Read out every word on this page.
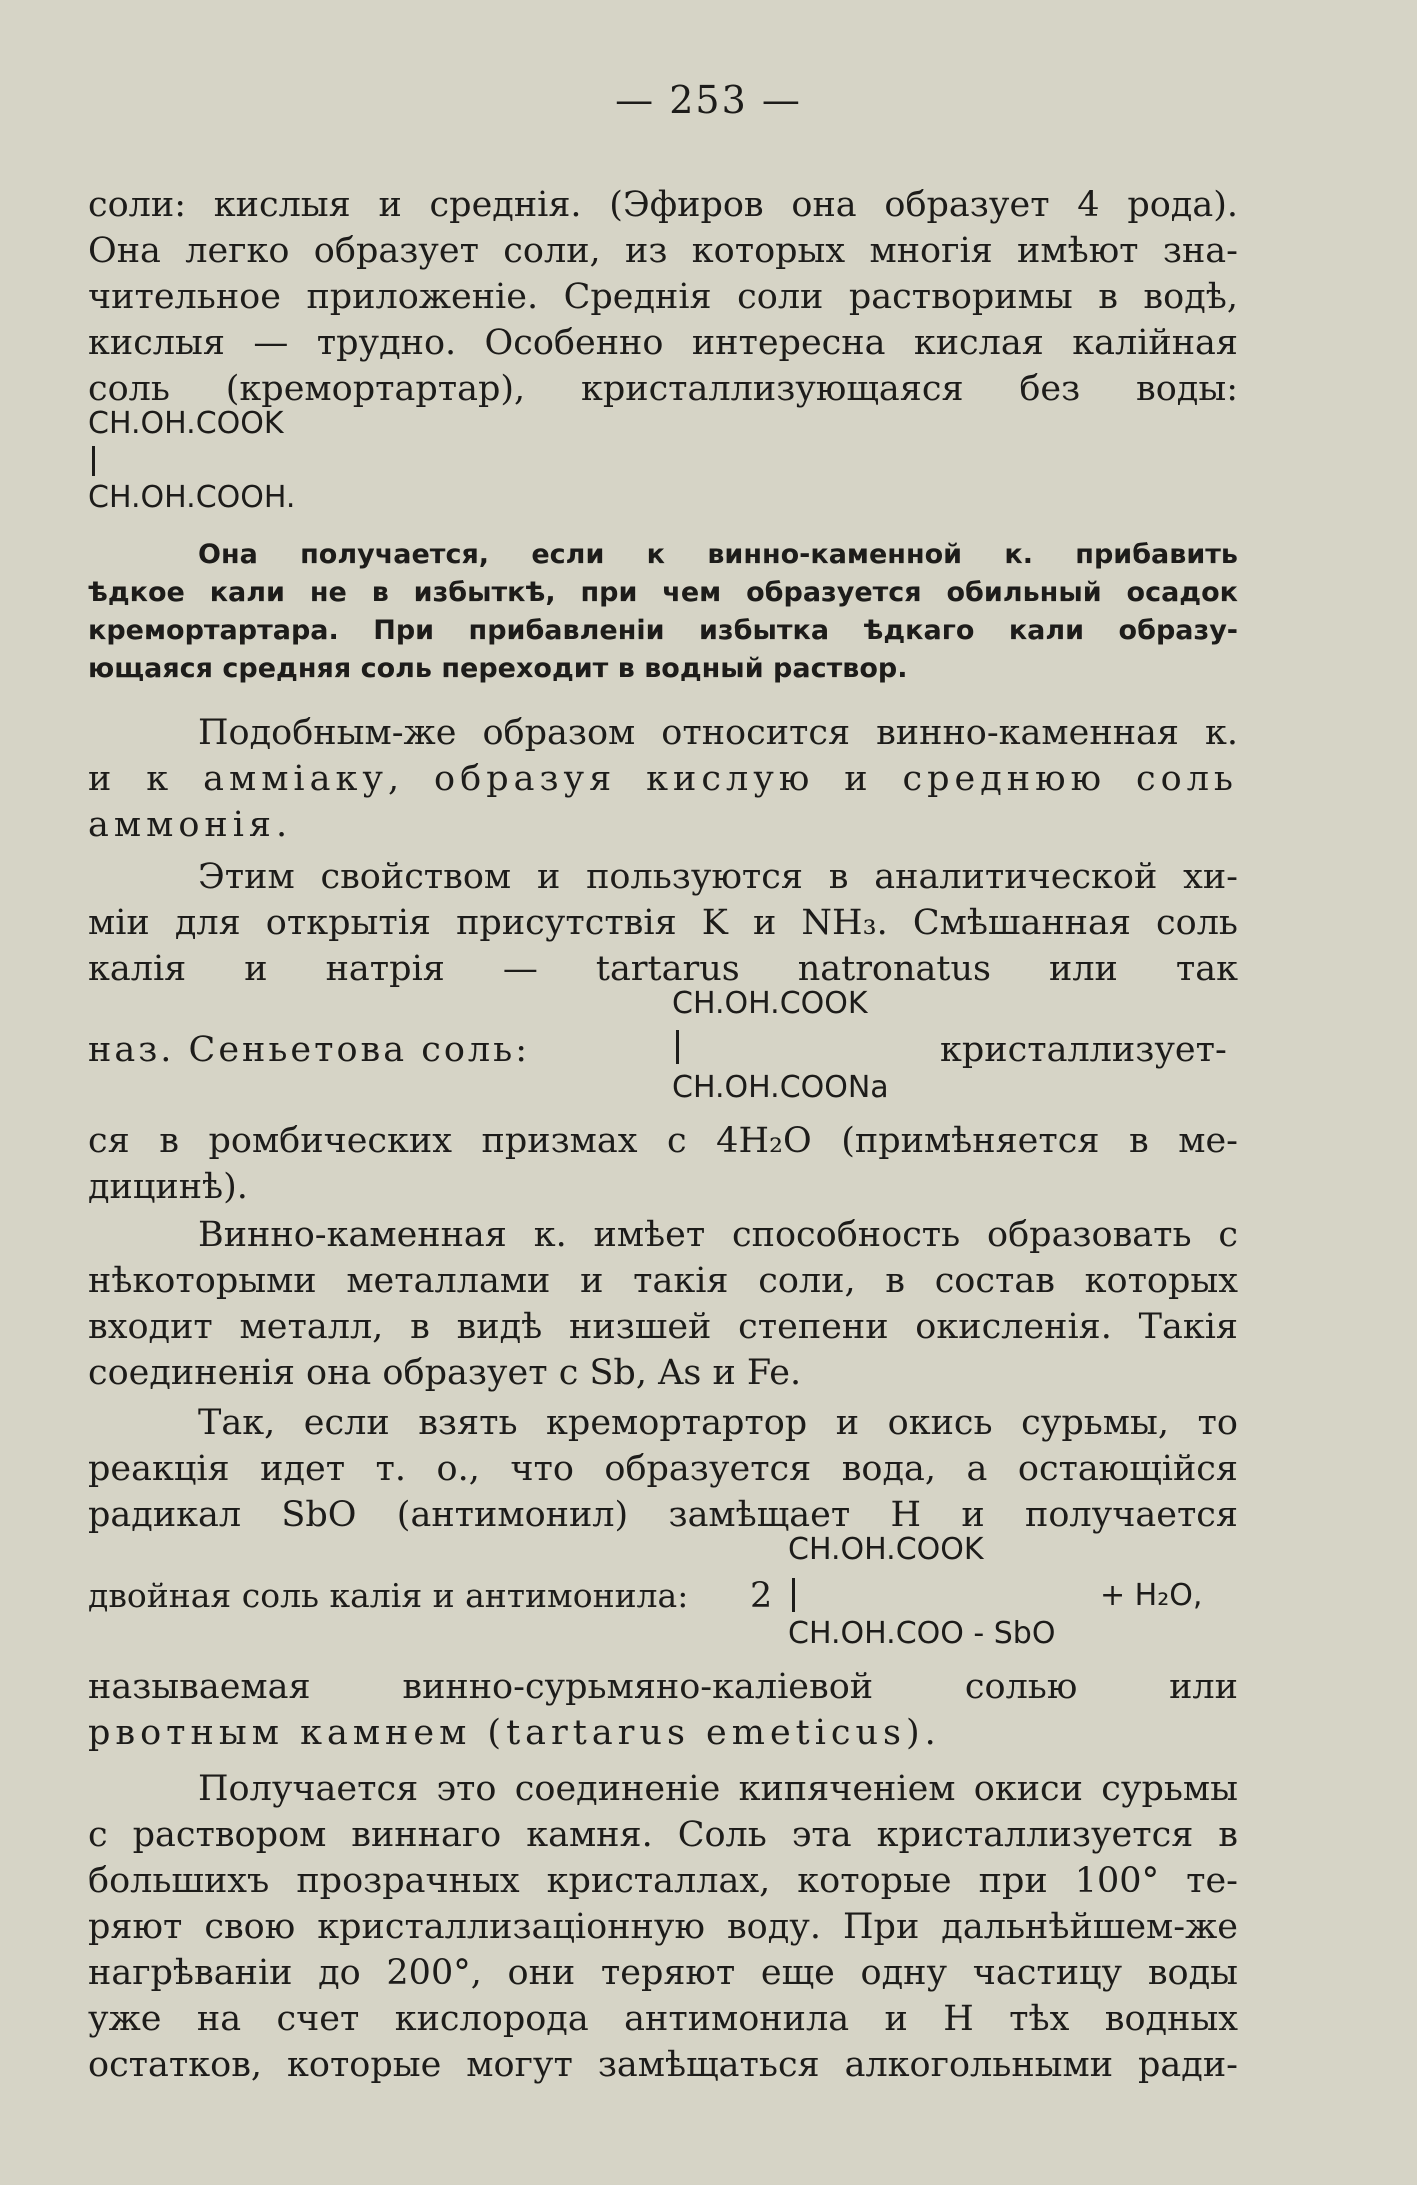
— 253 —
соли: кислыя и среднія. (Эфиров она образует 4 рода).
Она легко образует соли, из которых многія имѣют зна-
чительное приложеніе. Среднія соли растворимы в водѣ,
кислыя — трудно. Особенно интересна кислая калійная
соль (кремортартар), кристаллизующаяся без воды:
CH.OH.COOK
CH.OH.COOH.
Она получается, если к винно-каменной к. прибавить
ѣдкое кали не в избыткѣ, при чем образуется обильный осадок
кремортартара. При прибавленіи избытка ѣдкаго кали образу-
ющаяся средняя соль переходит в водный раствор.
Подобным-же образом относится винно-каменная к.
и к амміаку, образуя кислую и среднюю соль
аммонія.
Этим свойством и пользуются в аналитической хи-
міи для открытія присутствія K и NH₃. Смѣшанная соль
калія и натрія — tartarus natronatus или так
CH.OH.COOK
наз. Сеньетова соль:	кристаллизует-
CH.OH.COONa
ся в ромбических призмах с 4H₂O (примѣняется в ме-
дицинѣ).
Винно-каменная к. имѣет способность образовать с
нѣкоторыми металлами и такія соли, в состав которых
входит металл, в видѣ низшей степени окисленія. Такія
соединенія она образует с Sb, As и Fe.
Так, если взять кремортартор и окись сурьмы, то
реакція идет т. о., что образуется вода, а остающійся
радикал SbO (антимонил) замѣщает H и получается
CH.OH.COOK
двойная соль калія и антимонила: 2	+ H₂O,
CH.OH.COO - SbO
называемая винно-сурьмяно-каліевой солью или
рвотным камнем (tartarus emeticus).
Получается это соединеніе кипяченіем окиси сурьмы
с раствором виннаго камня. Соль эта кристаллизуется в
большихъ прозрачных кристаллах, которые при 100° те-
ряют свою кристаллизаціонную воду. При дальнѣйшем-же
нагрѣваніи до 200°, они теряют еще одну частицу воды
уже на счет кислорода антимонила и H тѣх водных
остатков, которые могут замѣщаться алкогольными ради-
